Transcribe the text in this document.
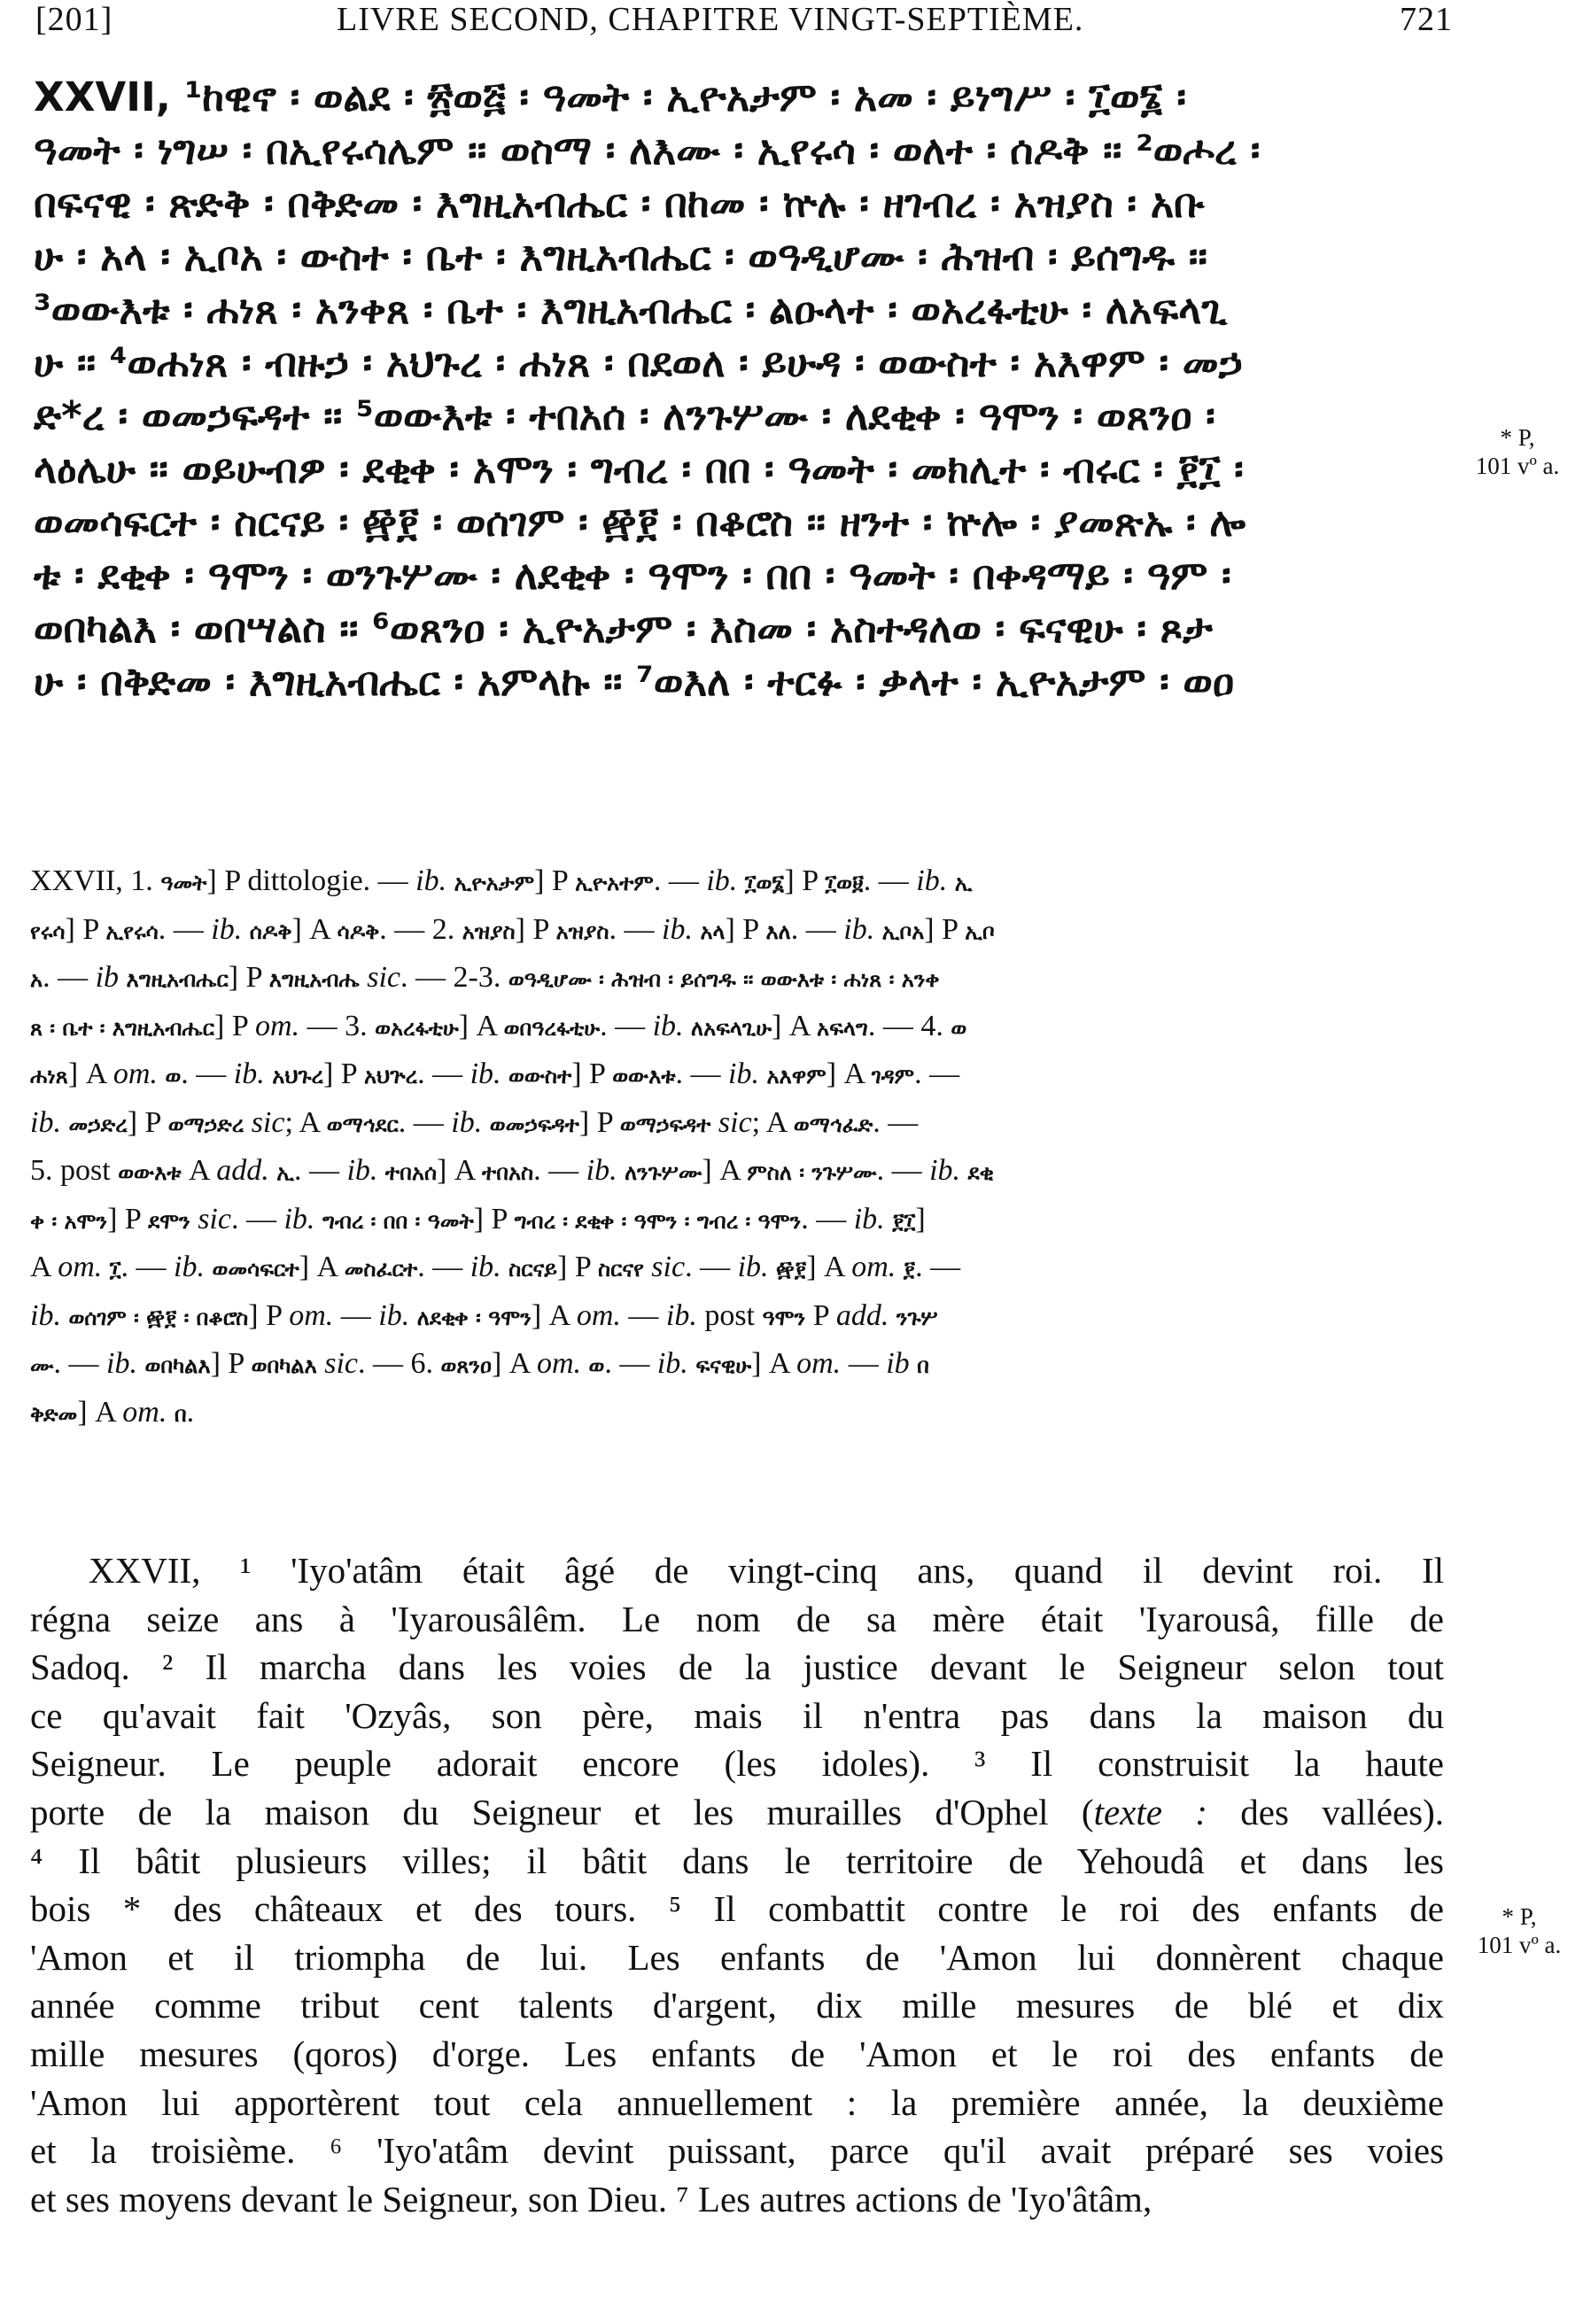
[201]	LIVRE SECOND, CHAPITRE VINGT-SEPTIÈME.	721
XXVII, ¹ከዊኖ ፡ ወልደ ፡ ፳ወ፭ ፡ ዓመት ፡ ኢዮአታም ፡ አመ ፡ ይነግሥ ፡ ፲ወ፮ ፡
ዓመት ፡ ነግሠ ፡ በኢየሩሳሌም ፡፡ ወስማ ፡ ለእሙ ፡ ኢየሩሳ ፡ ወለተ ፡ ሰዶቅ ፡፡ ²ወሖረ ፡
በፍናዊ ፡ ጽድቅ ፡ በቅድመ ፡ እግዚአብሔር ፡ በከመ ፡ ኵሉ ፡ ዘገብረ ፡ አዝያስ ፡ አቡ
ሁ ፡ አላ ፡ ኢቦአ ፡ ውስተ ፡ ቤተ ፡ እግዚአብሔር ፡ ወዓዲሆሙ ፡ ሕዝብ ፡ ይሰግዱ ፡፡
³ወውእቱ ፡ ሐነጸ ፡ አንቀጸ ፡ ቤተ ፡ እግዚአብሔር ፡ ልዑላተ ፡ ወአረፋቲሁ ፡ ለአፍላጊ
ሁ ፡፡ ⁴ወሐነጸ ፡ ብዙኃ ፡ አህጉረ ፡ ሐነጸ ፡ በደወለ ፡ ይሁዳ ፡ ወውስተ ፡ አእዋም ፡ መኃ
ድ*ረ ፡ ወመኃፍዳተ ፡፡ ⁵ወውእቱ ፡ ተበአሰ ፡ ለንጉሦሙ ፡ ለደቂቀ ፡ ዓሞን ፡ ወጸንዐ ፡
ላዕሌሁ ፡፡ ወይሁብዎ ፡ ደቂቀ ፡ አሞን ፡ ግብረ ፡ በበ ፡ ዓመት ፡ መክሊተ ፡ ብሩር ፡ ፻፲ ፡
ወመሳፍርተ ፡ ስርናይ ፡ ፼፻ ፡ ወሰገም ፡ ፼፻ ፡ በቆሮስ ፡፡ ዘንተ ፡ ኵሎ ፡ ያመጽኡ ፡ ሎ
ቱ ፡ ደቂቀ ፡ ዓሞን ፡ ወንጉሦሙ ፡ ለደቂቀ ፡ ዓሞን ፡ በበ ፡ ዓመት ፡ በቀዳማይ ፡ ዓም ፡
ወበካልእ ፡ ወበሣልስ ፡፡ ⁶ወጸንዐ ፡ ኢዮአታም ፡ እስመ ፡ አስተዳለወ ፡ ፍናዊሁ ፡ ጾታ
ሁ ፡ በቅድመ ፡ እግዚአብሔር ፡ አምላኩ ፡፡ ⁷ወእለ ፡ ተርፉ ፡ ቃላተ ፡ ኢዮአታም ፡ ወዐ
* P,
101 vº a.
XXVII, 1. ዓመት] P dittologie. — ib. ኢዮአታም] P ኢዮአተም. — ib. ፲ወ፮] P ፲ወ፱. — ib. ኢ
የሩሳ] P ኢየሩሳ. — ib. ሰዶቅ] A ሳዶቅ. — 2. አዝያስ] P አዝያስ. — ib. አላ] P እለ. — ib. ኢቦአ] P ኢቦ
አ. — ib እግዚአብሔር] P እግዚአብሔ sic. — 2-3. ወዓዲሆሙ ፡ ሕዝብ ፡ ይሰግዱ ፡፡ ወውእቱ ፡ ሐነጸ ፡ አንቀ
ጸ ፡ ቤተ ፡ እግዚአብሔር] P om. — 3. ወአረፋቲሁ] A ወበዓረፋቲሁ. — ib. ለአፍላጊሁ] A አፍላግ. — 4. ወ
ሐነጸ] A om. ወ. — ib. አህጉረ] P አህጕረ. — ib. ወውስተ] P ወውእቱ. — ib. አእዋም] A ገዳም. —
ib. መኃድረ] P ወማኃድረ sic; A ወማኅደር. — ib. ወመኃፍዳተ] P ወማኃፍዳተ sic; A ወማኅፈድ. —
5. post ወውእቱ A add. ኢ. — ib. ተበአሰ] A ተበአስ. — ib. ለንጉሦሙ] A ምስለ ፡ ንጉሦሙ. — ib. ደቂ
ቀ ፡ አሞን] P ደሞን sic. — ib. ግብረ ፡ በበ ፡ ዓመት] P ግብረ ፡ ደቂቀ ፡ ዓሞን ፡ ግብረ ፡ ዓሞን. — ib. ፻፲]
A om. ፲. — ib. ወመሳፍርተ] A መስፈርተ. — ib. ስርናይ] P ስርናየ sic. — ib. ፼፻] A om. ፻. —
ib. ወሰገም ፡ ፼፻ ፡ በቆሮስ] P om. — ib. ለደቂቀ ፡ ዓሞን] A om. — ib. post ዓሞን P add. ንጉሦ
ሙ. — ib. ወበካልእ] P ወበካልእ sic. — 6. ወጸንዐ] A om. ወ. — ib. ፍናዊሁ] A om. — ib በ
ቅድመ] A om. በ.
XXVII, ¹ 'Iyo'atâm était âgé de vingt-cinq ans, quand il devint roi. Il
régna seize ans à 'Iyarousâlêm. Le nom de sa mère était 'Iyarousâ, fille de
Sadoq. ² Il marcha dans les voies de la justice devant le Seigneur selon tout
ce qu'avait fait 'Ozyâs, son père, mais il n'entra pas dans la maison du
Seigneur. Le peuple adorait encore (les idoles). ³ Il construisit la haute
porte de la maison du Seigneur et les murailles d'Ophel (texte : des vallées).
⁴ Il bâtit plusieurs villes; il bâtit dans le territoire de Yehoudâ et dans les
bois * des châteaux et des tours. ⁵ Il combattit contre le roi des enfants de
'Amon et il triompha de lui. Les enfants de 'Amon lui donnèrent chaque
année comme tribut cent talents d'argent, dix mille mesures de blé et dix
mille mesures (qoros) d'orge. Les enfants de 'Amon et le roi des enfants de
'Amon lui apportèrent tout cela annuellement : la première année, la deuxième
et la troisième. ⁶ 'Iyo'atâm devint puissant, parce qu'il avait préparé ses voies
et ses moyens devant le Seigneur, son Dieu. ⁷ Les autres actions de 'Iyo'âtâm,
* P,
101 vº a.
